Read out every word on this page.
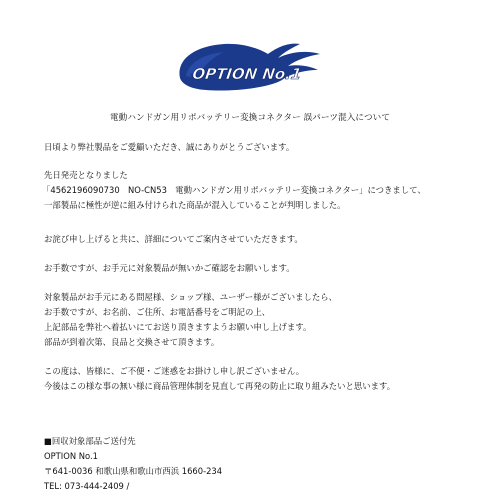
OPTION No.1
電動ハンドガン用リポバッテリー変換コネクター 誤パーツ混入について
日頃より弊社製品をご愛顧いただき、誠にありがとうございます。
先日発売となりました
「4562196090730　NO-CN53　電動ハンドガン用リポバッテリー変換コネクター」につきまして、
一部製品に極性が逆に組み付けられた商品が混入していることが判明しました。
お詫び申し上げると共に、詳細についてご案内させていただきます。
お手数ですが、お手元に対象製品が無いかご確認をお願いします。
対象製品がお手元にある問屋様、ショップ様、ユーザー様がございましたら、
お手数ですが、お名前、ご住所、お電話番号をご明記の上、
上記部品を弊社へ着払いにてお送り頂きますようお願い申し上げます。
部品が到着次第、良品と交換させて頂きます。
この度は、皆様に、ご不便・ご迷惑をお掛けし申し訳ございません。
今後はこの様な事の無い様に商品管理体制を見直して再発の防止に取り組みたいと思います。
■回収対象部品ご送付先
OPTION No.1
〒641-0036 和歌山県和歌山市西浜 1660-234
TEL: 073-444-2409 /
